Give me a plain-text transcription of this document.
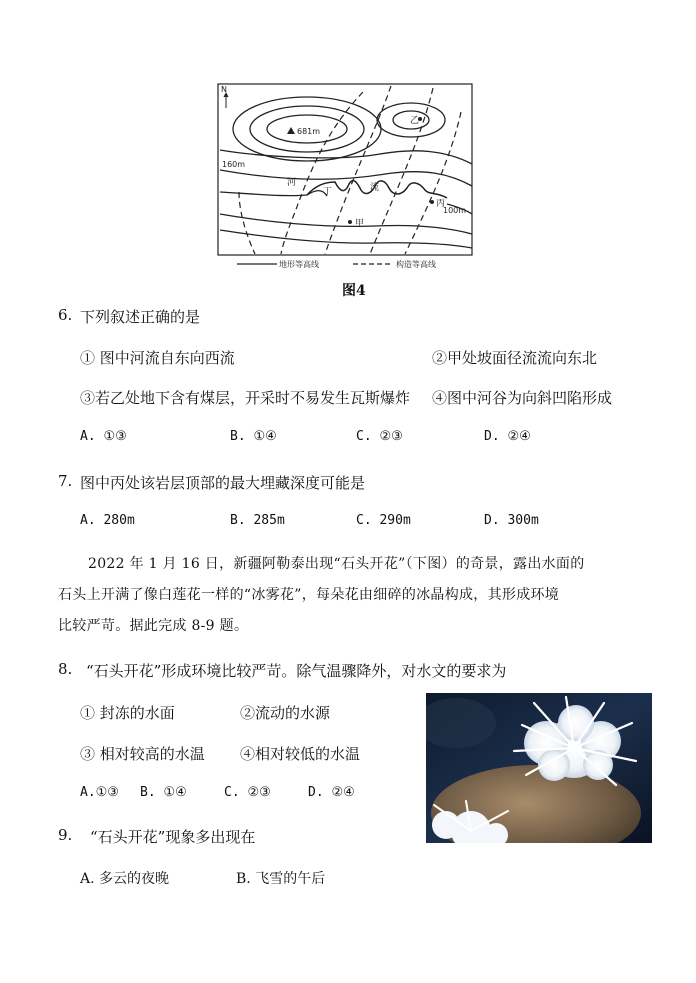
N
681m
乙
160m
河
丁	流
丙
100m
甲
地形等高线	构造等高线
图4
6. 下列叙述正确的是
① 图中河流自东向西流	②甲处坡面径流流向东北
③若乙处地下含有煤层，开采时不易发生瓦斯爆炸 ④图中河谷为向斜凹陷形成
A. ①③	B. ①④	C. ②③	D. ②④
7. 图中丙处该岩层顶部的最大埋藏深度可能是
A. 280m	B. 285m	C. 290m	D. 300m
2022 年 1 月 16 日，新疆阿勒泰出现“石头开花”（下图）的奇景，露出水面的
石头上开满了像白莲花一样的“冰雾花”，每朵花由细碎的冰晶构成，其形成环境
比较严苛。据此完成 8-9 题。
8. “石头开花”形成环境比较严苛。除气温骤降外，对水文的要求为
① 封冻的水面	②流动的水源
③ 相对较高的水温 ④相对较低的水温
A.①③ B. ①④	C. ②③	D. ②④
9. “石头开花”现象多出现在
A. 多云的夜晚	B. 飞雪的午后
